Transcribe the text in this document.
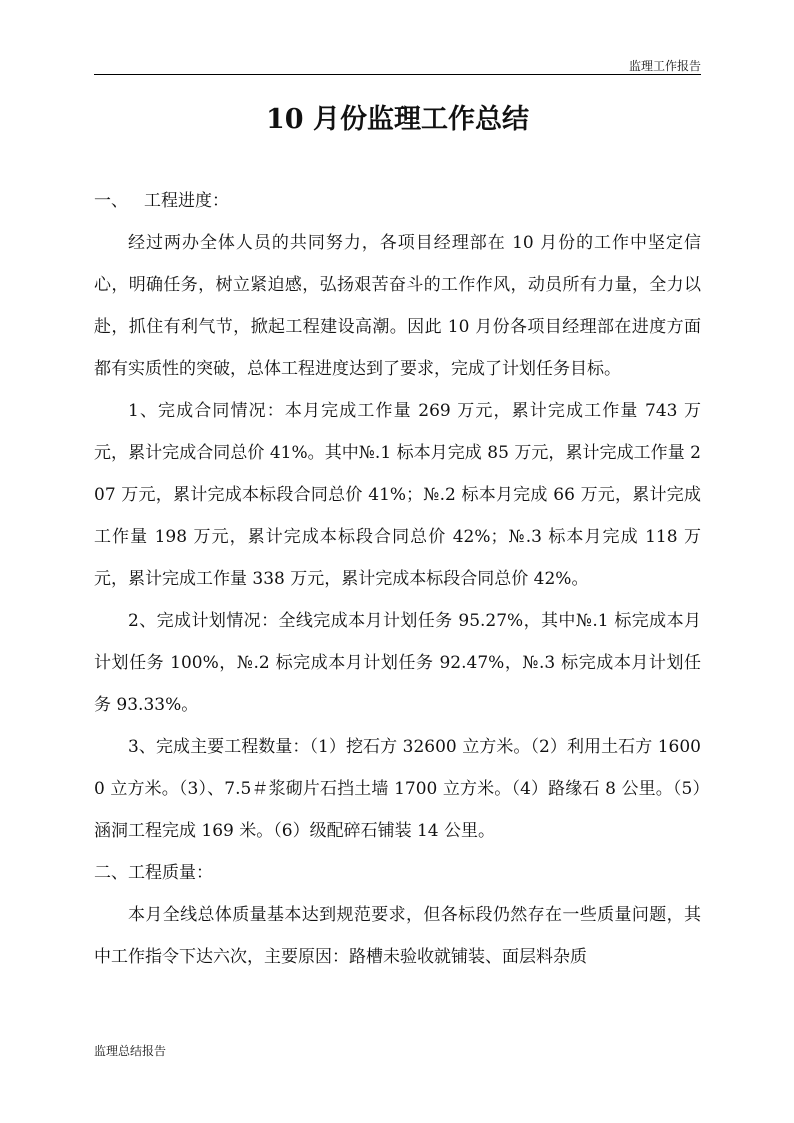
监理工作报告
10 月份监理工作总结
一、 工程进度：

经过两办全体人员的共同努力，各项目经理部在 10 月份的工作中坚定信心，明确任务，树立紧迫感，弘扬艰苦奋斗的工作作风，动员所有力量，全力以赴，抓住有利气节，掀起工程建设高潮。因此 10 月份各项目经理部在进度方面都有实质性的突破，总体工程进度达到了要求，完成了计划任务目标。

1、完成合同情况：本月完成工作量 269 万元，累计完成工作量 743 万元，累计完成合同总价 41%。其中№.1 标本月完成 85 万元，累计完成工作量 207 万元，累计完成本标段合同总价 41%；№.2 标本月完成 66 万元，累计完成工作量 198 万元，累计完成本标段合同总价 42%；№.3 标本月完成 118 万元，累计完成工作量 338 万元，累计完成本标段合同总价 42%。

2、完成计划情况：全线完成本月计划任务 95.27%，其中№.1 标完成本月计划任务 100%，№.2 标完成本月计划任务 92.47%，№.3 标完成本月计划任务 93.33%。

3、完成主要工程数量：（1）挖石方 32600 立方米。（2）利用土石方 16000 立方米。（3）、7.5＃浆砌片石挡土墙 1700 立方米。（4）路缘石 8 公里。（5）涵洞工程完成 169 米。（6）级配碎石铺装 14 公里。

二、工程质量：

本月全线总体质量基本达到规范要求，但各标段仍然存在一些质量问题，其中工作指令下达六次，主要原因：路槽未验收就铺装、面层料杂质

监理总结报告
